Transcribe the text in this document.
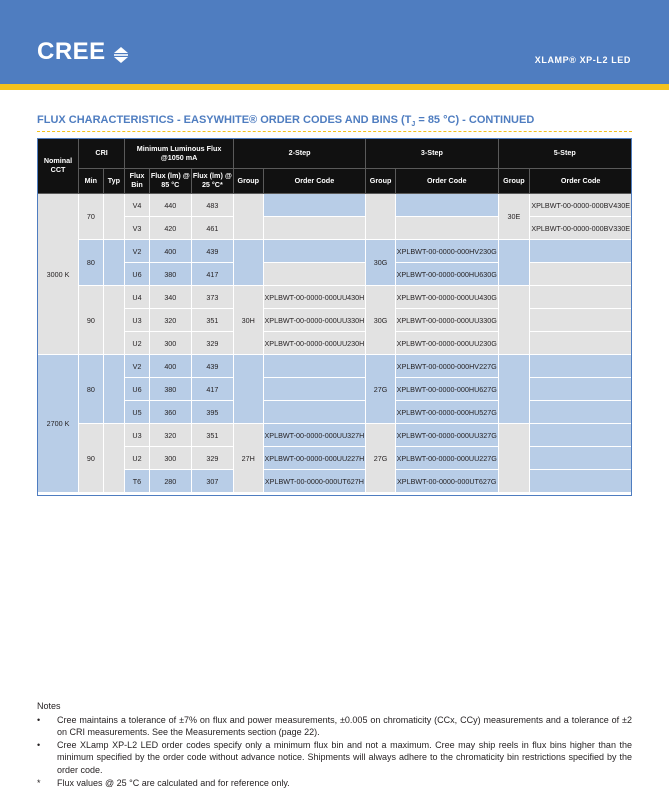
CREE	XLAMP® XP-L2 LED
FLUX CHARACTERISTICS - EASYWHITE® ORDER CODES AND BINS ($T_J = 85$ °C) - CONTINUED
Nominal CCT	CRI		Minimum Luminous Flux @1050 mA			2-Step		3-Step		5-Step	
	Min	Typ	Flux Bin	Flux (lm) @ 85 °C	Flux (lm) @ 25 °C*	Group	Order Code	Group	Order Code	Group	Order Code
3000 K	70		V4	440	483					30E	XPLBWT-00-0000-000BV430E
			V3	420	461						XPLBWT-00-0000-000BV330E
	80		V2	400	439			30G	XPLBWT-00-0000-000HV230G		
			U6	380	417				XPLBWT-00-0000-000HU630G		
	90		U4	340	373	30H	XPLBWT-00-0000-000UU430H	30G	XPLBWT-00-0000-000UU430G		
			U3	320	351		XPLBWT-00-0000-000UU330H		XPLBWT-00-0000-000UU330G		
			U2	300	329		XPLBWT-00-0000-000UU230H		XPLBWT-00-0000-000UU230G		
2700 K	80		V2	400	439			27G	XPLBWT-00-0000-000HV227G		
			U6	380	417				XPLBWT-00-0000-000HU627G		
			U5	360	395				XPLBWT-00-0000-000HU527G		
	90		U3	320	351	27H	XPLBWT-00-0000-000UU327H	27G	XPLBWT-00-0000-000UU327G		
			U2	300	329		XPLBWT-00-0000-000UU227H		XPLBWT-00-0000-000UU227G		
			T6	280	307		XPLBWT-00-0000-000UT627H		XPLBWT-00-0000-000UT627G		
Notes
• Cree maintains a tolerance of ±7% on flux and power measurements, ±0.005 on chromaticity (CCx, CCy) measurements and a tolerance of ±2 on CRI measurements. See the Measurements section (page 22).
• Cree XLamp XP-L2 LED order codes specify only a minimum flux bin and not a maximum. Cree may ship reels in flux bins higher than the minimum specified by the order code without advance notice. Shipments will always adhere to the chromaticity bin restrictions specified by the order code.
* Flux values @ 25 °C are calculated and for reference only.
